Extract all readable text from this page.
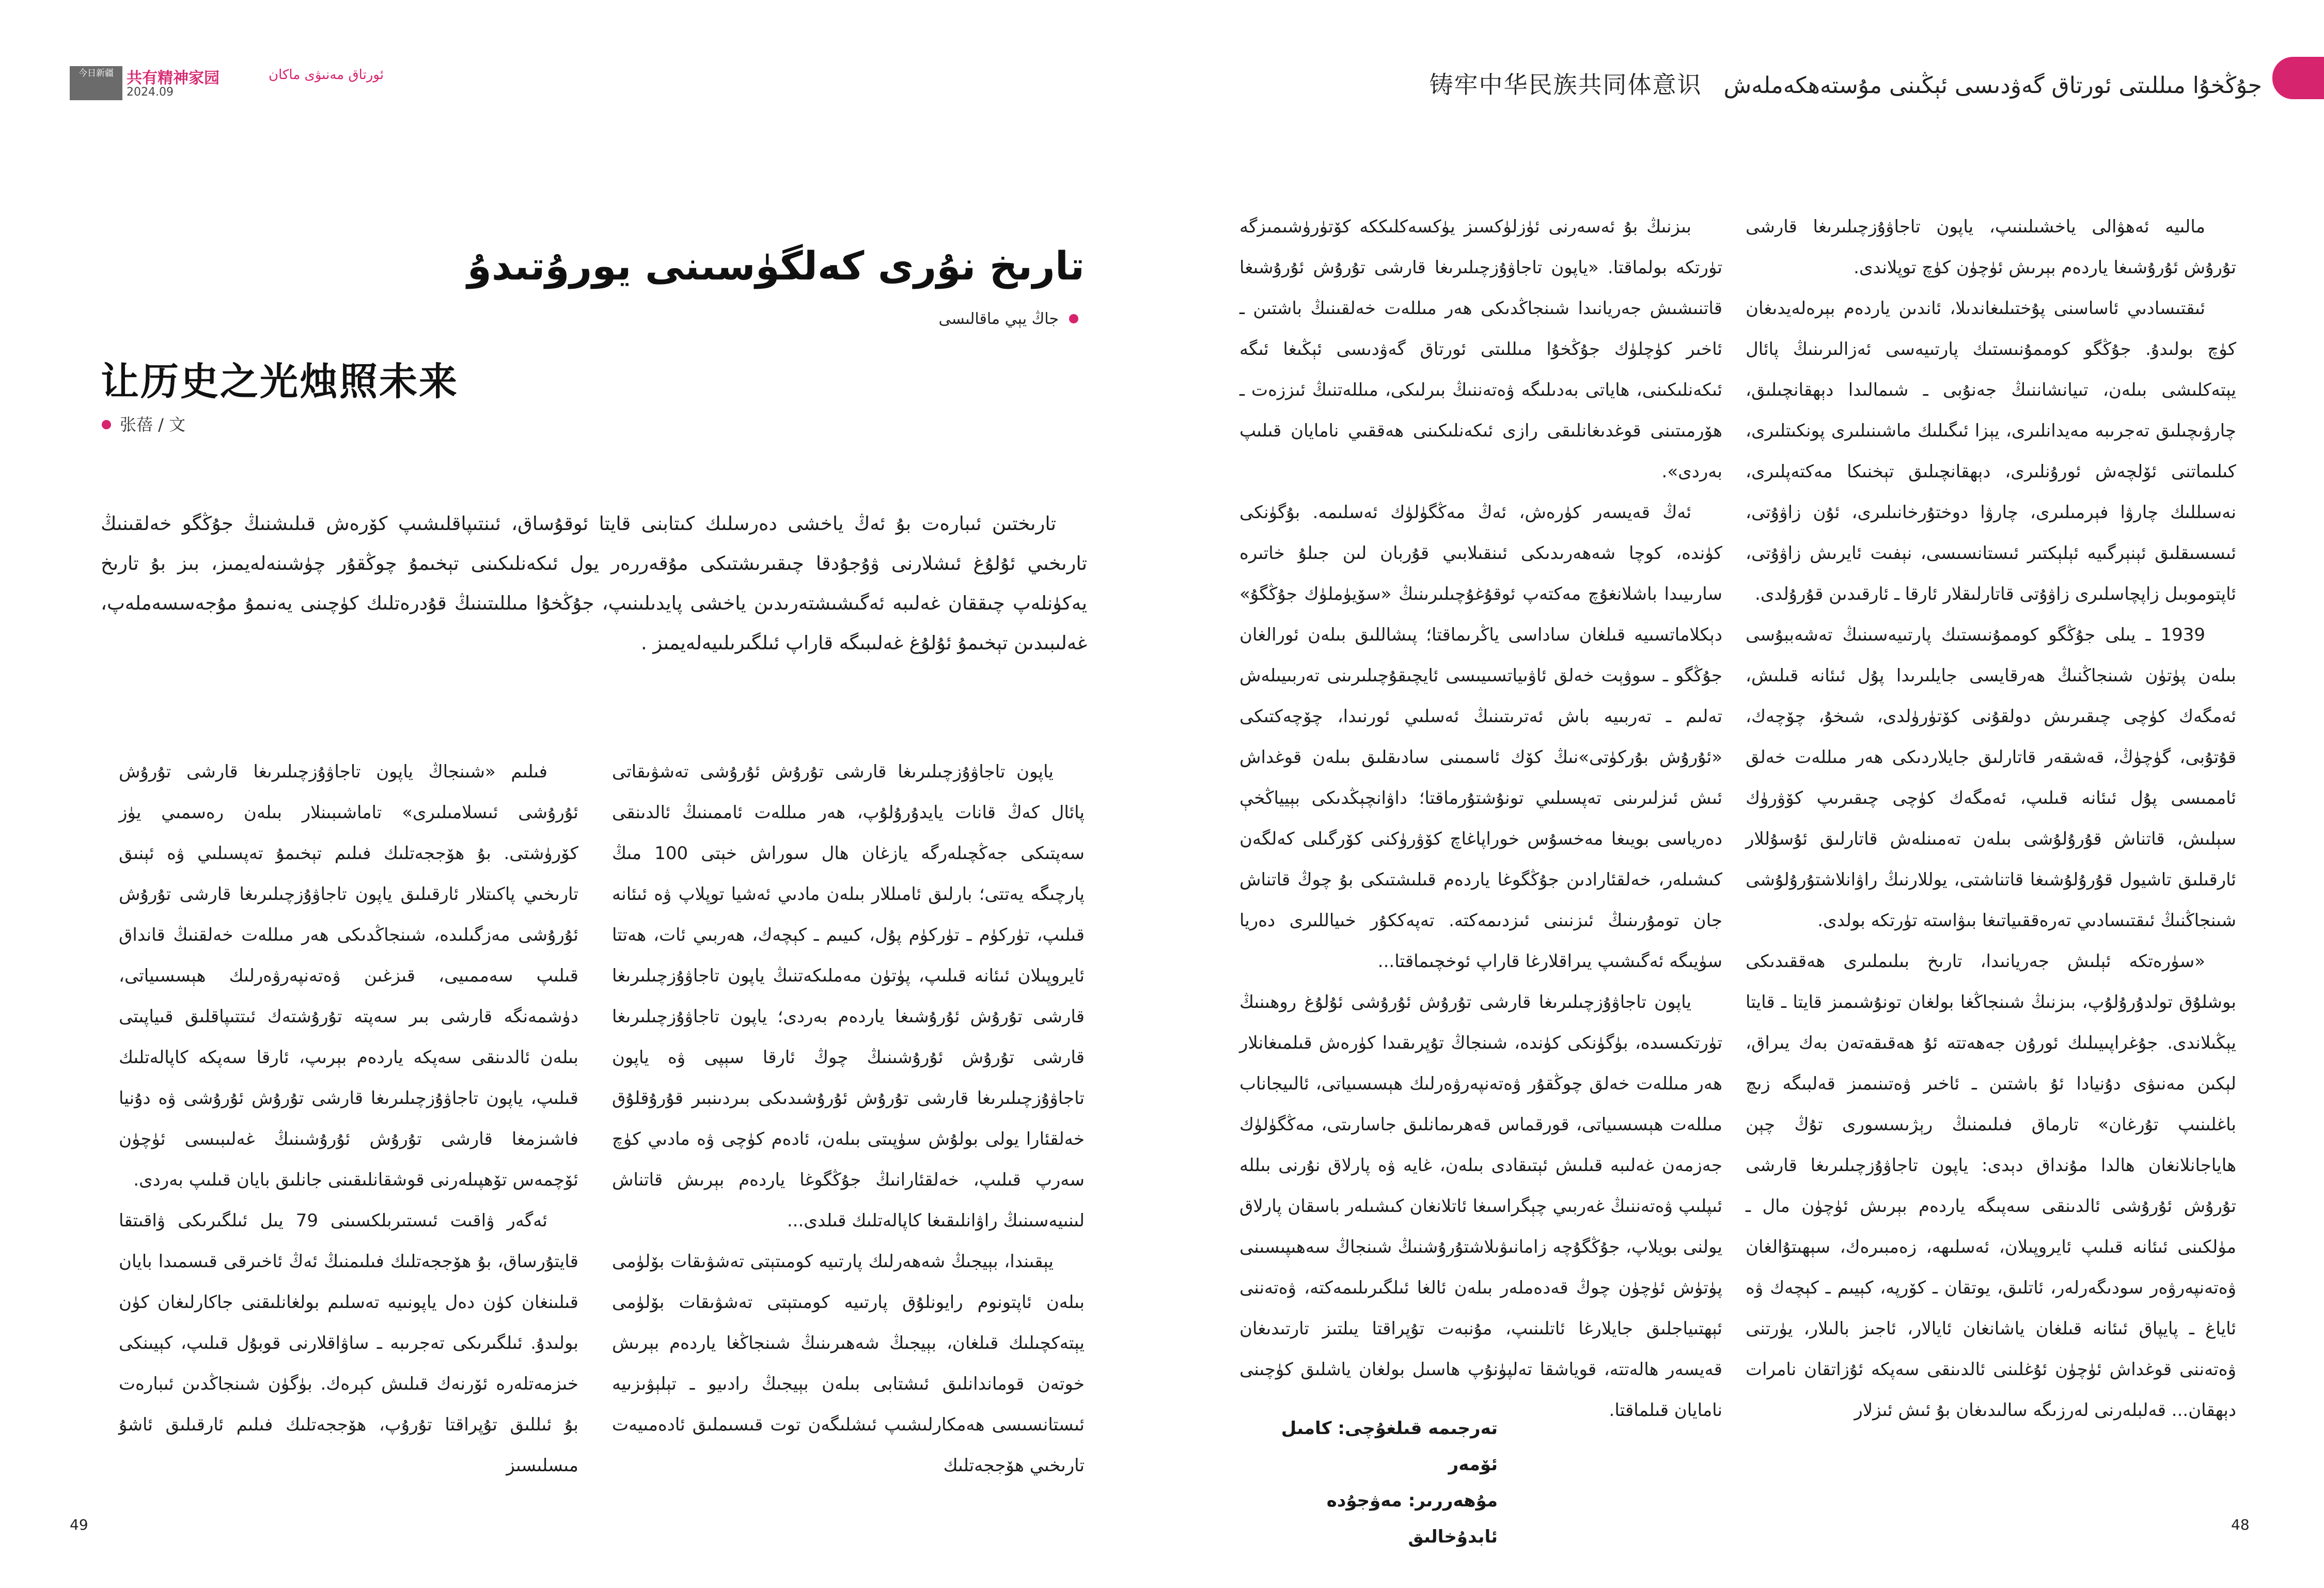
今日新疆 共有精神家园	ئورتاق مەنىۋى ماكان
2024.09	جۇڭخۇا مىللىتى ئورتاق گەۋدىسى ئېڭىنى مۇستەھكەملەش   铸牢中华民族共同体意识
تارىخ نۇرى كەلگۈسىنى يورۇتىدۇ
جاڭ يېي ماقالىسى
让历史之光烛照未来
张蓓 / 文

تارىختىن ئىبارەت بۇ ئەڭ ياخشى دەرسلىك كىتابنى قايتا ئوقۇساق، ئىنتىپاقلىشىپ كۆرەش قىلىشنىڭ جۇڭگو خەلقىنىڭ تارىخىي ئۇلۇغ ئىشلارنى ۋۇجۇدقا چىقىرىشتىكى مۇقەررەر يول ئىكەنلىكىنى تېخىمۇ چوڭقۇر چۈشىنەلەيمىز، بىز بۇ تارىخ يەكۈنلەپ چىققان غەلىبە ئەگىشىشتەرىدىن ياخشى پايدىلىنىپ، جۇڭخۇا مىللىتىنىڭ قۇدرەتلىك كۈچىنى يەنىمۇ مۇجەسسەملەپ، غەلىبىدىن تېخىمۇ ئۇلۇغ غەلىبىگە قاراپ ئىلگىرىلىيەلەيمىز .

ياپون تاجاۋۇزچىلىرىغا قارشى تۇرۇش ئۇرۇشى تەشۋىقاتى پائال كەڭ قانات يايدۇرۇلۇپ، ھەر مىللەت ئاممىنىڭ ئالدىنقى سەپتىكى جەڭچىلەرگە يازغان ھال سوراش خېتى 100 مىڭ پارچىگە يەتتى؛ بارلىق ئامىللار بىلەن مادىي ئەشيا توپلاپ ۋە ئىئانە قىلىپ، تۈركۈم ـ تۈركۈم پۇل، كىيىم ـ كېچەك، ھەربىي ئات، ھەتتا ئايروپىلان ئىئانە قىلىپ، پۈتۈن مەملىكەتنىڭ ياپون تاجاۋۇزچىلىرىغا قارشى تۇرۇش ئۇرۇشىغا ياردەم بەردى؛ ياپون تاجاۋۇزچىلىرىغا قارشى تۇرۇش ئۇرۇشىنىڭ چوڭ ئارقا سېپى ۋە ياپون تاجاۋۇزچىلىرىغا قارشى تۇرۇش ئۇرۇشىدىكى بىردىنبىر قۇرۇقلۇق خەلقئارا يولى بولۇش سۈپىتى بىلەن، ئادەم كۈچى ۋە مادىي كۈچ سەرپ قىلىپ، خەلقئارانىڭ جۇڭگوغا ياردەم بېرىش قاتناش لىنىيەسىنىڭ راۋانلىقىغا كاپالەتلىك قىلدى...

يېقىندا، بېيجىڭ شەھەرلىك پارتىيە كومىتېتى تەشۋىقات بۆلۈمى بىلەن ئاپتونوم رايونلۇق پارتىيە كومىتېتى تەشۋىقات بۆلۈمى يېتەكچىلىك قىلغان، بېيجىڭ شەھىرىنىڭ شىنجاڭغا ياردەم بېرىش خوتەن قوماندانلىق ئىشتابى بىلەن بېيجىڭ رادىيو ـ تېلېۋىزىيە ئىستانسىسى ھەمكارلىشىپ ئىشلىگەن توت قىسىملىق ئادەمىيەت تارىخىي ھۆججەتلىك

فىلىم «شىنجاڭ ياپون تاجاۋۇزچىلىرىغا قارشى تۇرۇش ئۇرۇشى ئىسلامىلىرى» تاماشىبىنلار بىلەن رەسمىي يۈز كۆرۈشتى. بۇ ھۆججەتلىك فىلىم تېخىمۇ تەپسىلىي ۋە ئېنىق تارىخىي پاكىتلار ئارقىلىق ياپون تاجاۋۇزچىلىرىغا قارشى تۇرۇش ئۇرۇشى مەزگىلىدە، شىنجاڭدىكى ھەر مىللەت خەلقنىڭ قانداق قىلىپ سەممىيى، قىزغىن ۋەتەنپەرۋەرلىك ھېسسىياتى، دۈشمەنگە قارشى بىر سەپتە تۇرۇشتەك ئىتتىپاقلىق قىياپىتى بىلەن ئالدىنقى سەپكە ياردەم بېرىپ، ئارقا سەپكە كاپالەتلىك قىلىپ، ياپون تاجاۋۇزچىلىرىغا قارشى تۇرۇش ئۇرۇشى ۋە دۇنيا فاشىزمغا قارشى تۇرۇش ئۇرۇشىنىڭ غەلىبىسى ئۈچۈن ئۆچمەس تۆھپىلەرنى قوشقانلىقىنى جانلىق بايان قىلىپ بەردى.

ئەگەر ۋاقىت ئىستىربلكسىنى 79 يىل ئىلگىرىكى ۋاقىتقا قايتۇرساق، بۇ ھۆججەتلىك فىلىمنىڭ ئەڭ ئاخىرقى قىسمىدا بايان قىلىنغان كۈن دەل ياپونىيە تەسلىم بولغانلىقنى جاكارلىغان كۈن بولىدۇ. ئىلگىرىكى تەجرىبە ـ ساۋاقلارنى قوبۇل قىلىپ، كېيىنكى خىزمەتلەرە ئۆرنەك قىلىش كېرەك. بۈگۈن شىنجاڭدىن ئىبارەت بۇ ئىللىق تۇپراقتا تۇرۇپ، ھۆججەتلىك فىلىم ئارقىلىق ئاشۇ مىسلىسىز

مالىيە ئەھۋالى ياخشىلىنىپ، ياپون تاجاۋۇزچىلىرىغا قارشى تۇرۇش ئۇرۇشىغا ياردەم بېرىش ئۈچۈن كۈچ توپلاندى.

ئىقتىسادىي ئاساسنى پۇختىلىغاندىلا، ئاندىن ياردەم بېرەلەيدىغان كۈچ بولىدۇ. جۇڭگو كوممۇنىستىك پارتىيەسى ئەزالىرىنىڭ پائال يېتەكلىشى بىلەن، تىيانشاننىڭ جەنۇبى ـ شىمالىدا دېھقانچىلىق، چارۋىچىلىق تەجرىبە مەيدانلىرى، يېزا ئىگىلىك ماشىنىلىرى پونكىتلىرى، كىلىماتنى ئۆلچەش ئورۇنلىرى، دېھقانچىلىق تېخنىكا مەكتەپلىرى، نەسىللىك چارۋا فېرمىلىرى، چارۋا دوختۇرخانىلىرى، ئۇن زاۋۇتى، ئىسسىقلىق ئېنېرگىيە ئېلېكتىر ئىستانسىسى، نېفىت ئايرىش زاۋۇتى، ئاپتوموبىل زاپچاسلىرى زاۋۇتى قاتارلىقلار ئارقا ـ ئارقىدىن قۇرۇلدى.

1939 ـ يىلى جۇڭگو كوممۇنىستىك پارتىيەسىنىڭ تەشەببۇسى بىلەن پۈتۈن شىنجاڭنىڭ ھەرقايسى جايلىرىدا پۇل ئىئانە قىلىش، ئەمگەك كۈچى چىقىرىش دولقۇنى كۆتۈرۈلدى، شىخۇ، چۆچەك، قۇتۇبى، گۈچۈڭ، قەشقەر قاتارلىق جايلاردىكى ھەر مىللەت خەلق ئاممىسى پۇل ئىئانە قىلىپ، ئەمگەك كۈچى چىقىرىپ كۆۋرۈك سېلىش، قاتناش قۇرۇلۇشى بىلەن تەمىنلەش قاتارلىق ئۇسۇللار ئارقىلىق تاشيول قۇرۇلۇشىغا قاتناشتى، يوللارنىڭ راۋانلاشتۇرۇلۇشى شىنجاڭنىڭ ئىقتىسادىي تەرەققىياتىغا بىۋاستە تۈرتكە بولدى.

«سۈرەتكە ئېلىش جەريانىدا، تارىخ بىلىملىرى ھەققىدىكى بوشلۇق تولدۇرۇلۇپ، بىزنىڭ شىنجاڭغا بولغان تونۇشىمىز قايتا ـ قايتا يېڭىلاندى. جۇغراپىيىلىك ئورۇن جەھەتتە ئۇ ھەقىقەتەن بەك يىراق، لېكىن مەنىۋى دۇنيادا ئۇ باشتىن ـ ئاخىر ۋەتىنىمىز قەلبىگە زىچ باغلىنىپ تۇرغان» تارماق فىلىمنىڭ رېژىسسورى تۇڭ چېن ھاياجانلانغان ھالدا مۇنداق دېدى: ياپون تاجاۋۇزچىلىرىغا قارشى تۇرۇش ئۇرۇشى ئالدىنقى سەپىگە ياردەم بېرىش ئۈچۈن مال ـ مۈلكىنى ئىئانە قىلىپ ئايروپىلان، ئەسلىھە، زەمبىرەك، سېھىتۇالغان ۋەتەنپەرۋەر سودىگەرلەر، ئاتلىق، يوتقان ـ كۆرپە، كېيىم ـ كېچەك ۋە ئاياغ ـ پايپاق ئىئانە قىلغان ياشانغان ئايالار، ئاجىز بالىلار، يۈرتنى ۋەتەننى قوغداش ئۈچۈن ئۇغلىنى ئالدىنقى سەپكە ئۇزاتقان نامرات دېھقان... قەلبلەرنى لەرزىگە سالىدىغان بۇ ئىش ئىزلار

بىزنىڭ بۇ ئەسەرنى ئۈزلۈكسىز يۈكسەكلىككە كۆتۈرۈشىمىزگە تۈرتكە بولماقتا. «ياپون تاجاۋۇزچىلىرىغا قارشى تۇرۇش ئۇرۇشىغا قاتنىشىش جەريانىدا شىنجاڭدىكى ھەر مىللەت خەلقىنىڭ باشتىن ـ ئاخىر كۈچلۈك جۇڭخۇا مىللىتى ئورتاق گەۋدىسى ئېڭىغا ئىگە ئىكەنلىكىنى، ھاياتى بەدىلىگە ۋەتەننىڭ بىرلىكى، مىللەتنىڭ ئىززەت ـ ھۆرمىتىنى قوغدىغانلىقى رازى ئىكەنلىكىنى ھەققىي نامايان قىلىپ بەردى».

ئەڭ قەيسەر كۈرەش، ئەڭ مەڭگۈلۈك ئەسلىمە. بۇگۈنكى كۈندە، كوچا شەھەرىدىكى ئىنقىلابىي قۇربان لىن جىلۇ خاتىرە سارىيىدا باشلانغۇچ مەكتەپ ئوقۇغۇچىلىرىنىڭ «سۆيۈملۈك جۇڭگۇ» دېكلاماتسىيە قىلغان ساداسى ياڭرىماقتا؛ پىشاللىق بىلەن ئورالغان جۇڭگو ـ سوۋېت خەلق ئاۋىياتسىيىسى ئايچىقۇچىلىرىنى تەربىيىلەش تەلىم ـ تەربىيە باش ئەترىتىنىڭ ئەسلىي ئورنىدا، چۆچەكتىكى «ئۇرۇش بۇركۈتى»نىڭ كۆك ئاسمىنى سادىقلىق بىلەن قوغداش ئىش ئىزلىرىنى تەپسىلىي تونۇشتۇرماقتا؛ داۋانچېڭدىكى بېيياڭخې دەرياسى بويىغا مەخسۇس خوراپاغاچ كۆۋرۈكنى كۆرگىلى كەلگەن كىشىلەر، خەلقئارادىن جۇڭگوغا ياردەم قىلىشتىكى بۇ چوڭ قاتناش جان تومۇرىنىڭ ئىزنىنى ئىزدىمەكتە. تەپەككۇر خىياللىرى دەريا سۈيىگە ئەگىشىپ يىراقلارغا قاراپ ئوخچىماقتا...

ياپون تاجاۋۇزچىلىرىغا قارشى تۇرۇش ئۇرۇشى ئۇلۇغ روھىنىڭ تۈرتكىسىدە، بۈگۈنكى كۈندە، شىنجاڭ تۇپرىقىدا كۈرەش قىلمىغانلار ھەر مىللەت خەلق چوڭقۇر ۋەتەنپەرۋەرلىك ھېسسىياتى، ئالىيجاناب مىللەت ھېسسىياتى، قورقماس قەھرىمانلىق جاسارىتى، مەڭگۈلۈك جەزمەن غەلىبە قىلىش ئېتىقادى بىلەن، غايە ۋە پارلاق نۇرنى بىللە ئىپلىپ ۋەتەننىڭ غەربىي چېگراسىغا ئاتلانغان كىشىلەر باسقان پارلاق يولنى بويلاپ، جۇڭگۇچە زامانىۋىلاشتۇرۇشنىڭ شىنجاڭ سەھىپىسىنى پۈتۈش ئۈچۈن چوڭ قەدەملەر بىلەن ئالغا ئىلگىرىلىمەكتە، ۋەتەننى ئېھتىياجلىق جايلارغا ئاتلىنىپ، مۇنبەت تۇپراقتا يىلتىز تارتىدىغان قەيسەر ھالەتتە، قوياشقا تەلپۈنۇپ ھاسىل بولغان ياشلىق كۈچىنى نامايان قىلماقتا.

تەرجىمە قىلغۇچى: كامىل ئۆمەر
مۇھەررىر: مەۋجۇدە ئابدۇخالىق
49	48
